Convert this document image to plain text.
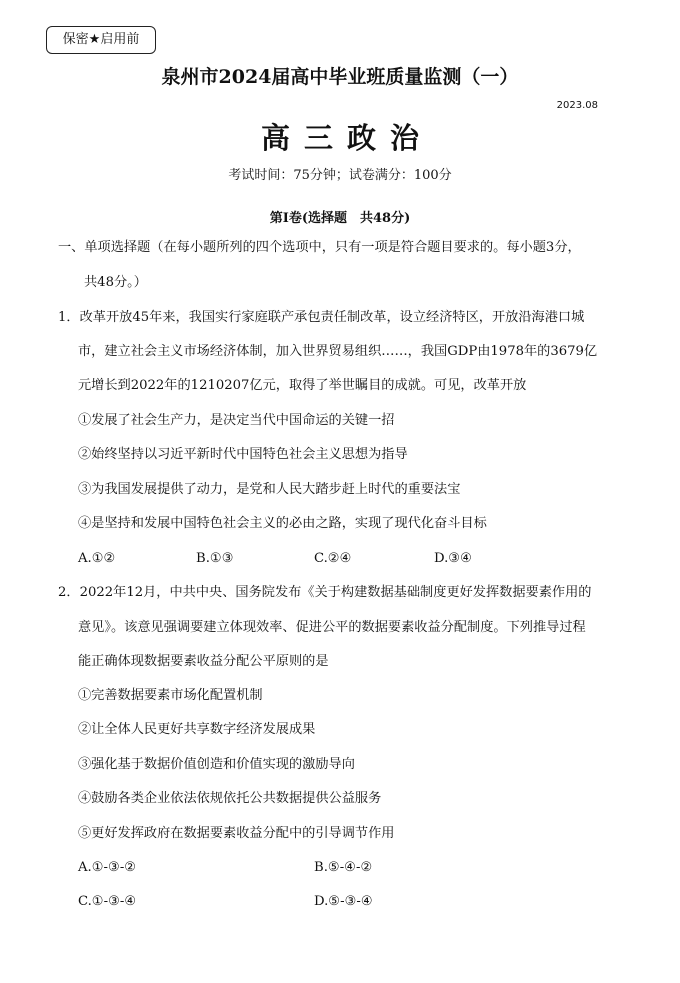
保密★启用前
泉州市2024届高中毕业班质量监测（一）
2023.08
高三政治
考试时间：75分钟；试卷满分：100分
第Ⅰ卷(选择题　共48分)
一、单项选择题（在每小题所列的四个选项中，只有一项是符合题目要求的。每小题3分，
共48分。）
1．改革开放45年来，我国实行家庭联产承包责任制改革，设立经济特区，开放沿海港口城
市，建立社会主义市场经济体制，加入世界贸易组织……，我国GDP由1978年的3679亿
元增长到2022年的1210207亿元，取得了举世瞩目的成就。可见，改革开放
①发展了社会生产力，是决定当代中国命运的关键一招
②始终坚持以习近平新时代中国特色社会主义思想为指导
③为我国发展提供了动力，是党和人民大踏步赶上时代的重要法宝
④是坚持和发展中国特色社会主义的必由之路，实现了现代化奋斗目标
A.①②	B.①③	C.②④	D.③④
2．2022年12月，中共中央、国务院发布《关于构建数据基础制度更好发挥数据要素作用的
意见》。该意见强调要建立体现效率、促进公平的数据要素收益分配制度。下列推导过程
能正确体现数据要素收益分配公平原则的是
①完善数据要素市场化配置机制
②让全体人民更好共享数字经济发展成果
③强化基于数据价值创造和价值实现的激励导向
④鼓励各类企业依法依规依托公共数据提供公益服务
⑤更好发挥政府在数据要素收益分配中的引导调节作用
A.①-③-②	B.⑤-④-②
C.①-③-④	D.⑤-③-④
